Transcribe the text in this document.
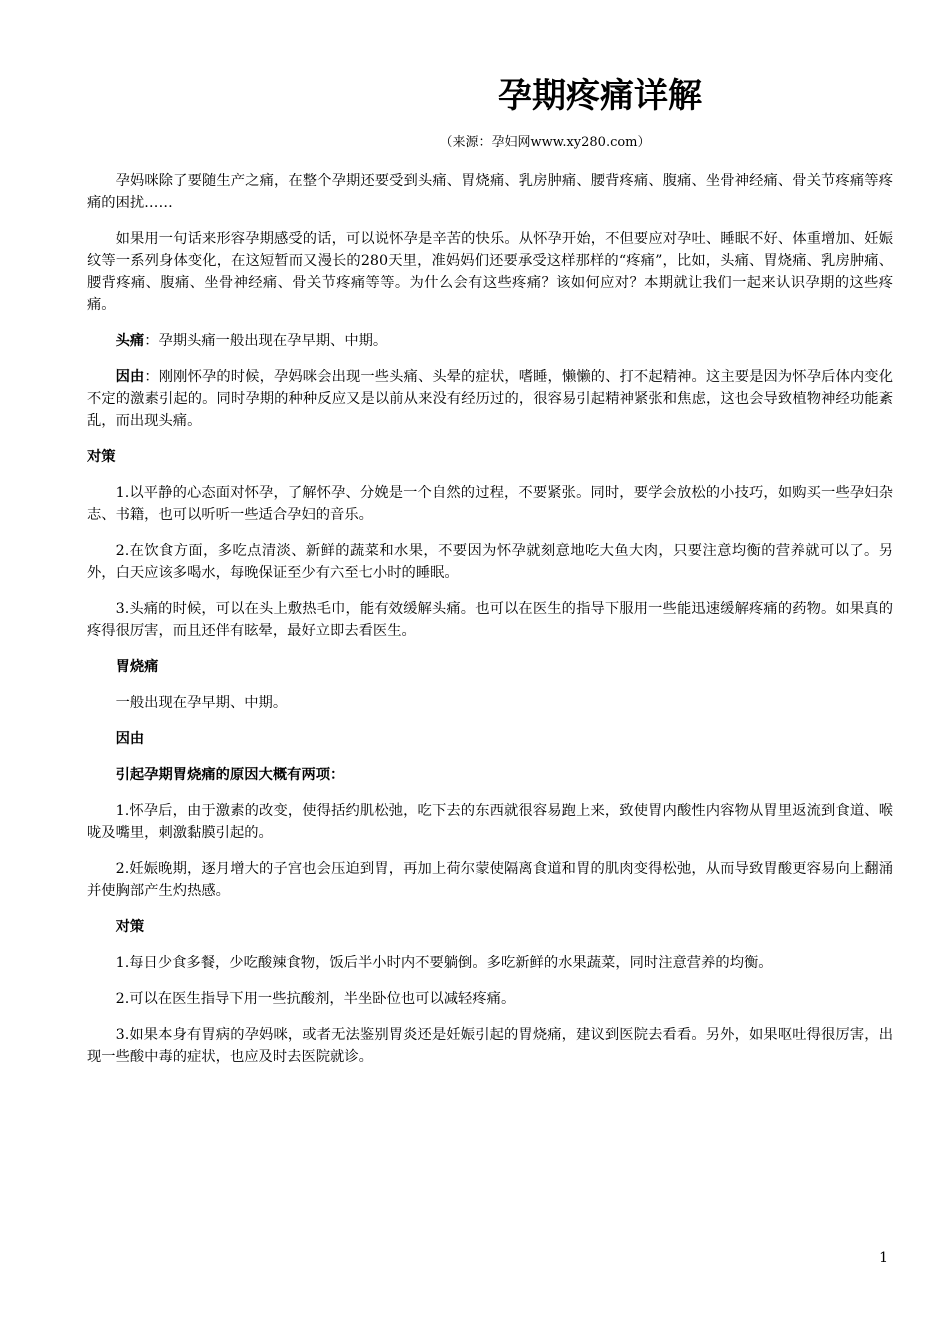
孕期疼痛详解
（来源：孕妇网www.xy280.com）

孕妈咪除了要随生产之痛，在整个孕期还要受到头痛、胃烧痛、乳房肿痛、腰背疼痛、腹痛、坐骨神经痛、骨关节疼痛等疼痛的困扰……

如果用一句话来形容孕期感受的话，可以说怀孕是辛苦的快乐。从怀孕开始，不但要应对孕吐、睡眠不好、体重增加、妊娠纹等一系列身体变化，在这短暂而又漫长的280天里，准妈妈们还要承受这样那样的“疼痛”，比如，头痛、胃烧痛、乳房肿痛、腰背疼痛、腹痛、坐骨神经痛、骨关节疼痛等等。为什么会有这些疼痛？该如何应对？本期就让我们一起来认识孕期的这些疼痛。

头痛：孕期头痛一般出现在孕早期、中期。

因由：刚刚怀孕的时候，孕妈咪会出现一些头痛、头晕的症状，嗜睡，懒懒的、打不起精神。这主要是因为怀孕后体内变化不定的激素引起的。同时孕期的种种反应又是以前从来没有经历过的，很容易引起精神紧张和焦虑，这也会导致植物神经功能紊乱，而出现头痛。

对策

1.以平静的心态面对怀孕，了解怀孕、分娩是一个自然的过程，不要紧张。同时，要学会放松的小技巧，如购买一些孕妇杂志、书籍，也可以听听一些适合孕妇的音乐。

2.在饮食方面，多吃点清淡、新鲜的蔬菜和水果，不要因为怀孕就刻意地吃大鱼大肉，只要注意均衡的营养就可以了。另外，白天应该多喝水，每晚保证至少有六至七小时的睡眠。

3.头痛的时候，可以在头上敷热毛巾，能有效缓解头痛。也可以在医生的指导下服用一些能迅速缓解疼痛的药物。如果真的疼得很厉害，而且还伴有眩晕，最好立即去看医生。

胃烧痛

一般出现在孕早期、中期。

因由

引起孕期胃烧痛的原因大概有两项：

1.怀孕后，由于激素的改变，使得括约肌松弛，吃下去的东西就很容易跑上来，致使胃内酸性内容物从胃里返流到食道、喉咙及嘴里，刺激黏膜引起的。

2.妊娠晚期，逐月增大的子宫也会压迫到胃，再加上荷尔蒙使隔离食道和胃的肌肉变得松弛，从而导致胃酸更容易向上翻涌并使胸部产生灼热感。

对策

1.每日少食多餐，少吃酸辣食物，饭后半小时内不要躺倒。多吃新鲜的水果蔬菜，同时注意营养的均衡。

2.可以在医生指导下用一些抗酸剂，半坐卧位也可以减轻疼痛。

3.如果本身有胃病的孕妈咪，或者无法鉴别胃炎还是妊娠引起的胃烧痛，建议到医院去看看。另外，如果呕吐得很厉害，出现一些酸中毒的症状，也应及时去医院就诊。

1
